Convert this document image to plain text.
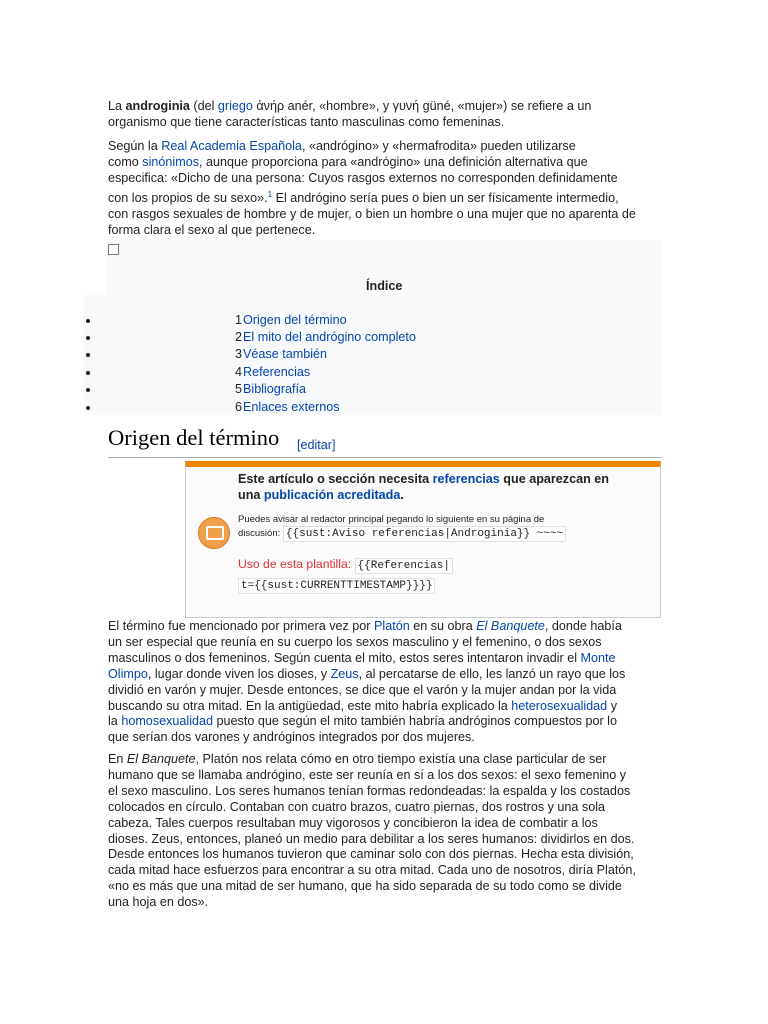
La androginia (del griego ἀνήρ anér, «hombre», y γυνή güné, «mujer») se refiere a un
organismo que tiene características tanto masculinas como femeninas.

Según la Real Academia Española, «andrógino» y «hermafrodita» pueden utilizarse
como sinónimos, aunque proporciona para «andrógino» una definición alternativa que
especifica: «Dicho de una persona: Cuyos rasgos externos no corresponden definidamente
con los propios de su sexo».$^1$ El andrógino sería pues o bien un ser físicamente intermedio,
con rasgos sexuales de hombre y de mujer, o bien un hombre o una mujer que no aparenta de
forma clara el sexo al que pertenece.

Índice
1 Origen del término
2 El mito del andrógino completo
3 Véase también
4 Referencias
5 Bibliografía
6 Enlaces externos
Origen del término [editar]
Este artículo o sección necesita referencias que aparezcan en
una publicación acreditada.
Puedes avisar al redactor principal pegando lo siguiente en su página de
discusión: {{sust:Aviso referencias|Androginia}} ~~~~
Uso de esta plantilla: {{Referencias|
t={{sust:CURRENTTIMESTAMP}}}}

El término fue mencionado por primera vez por Platón en su obra El Banquete, donde había
un ser especial que reunía en su cuerpo los sexos masculino y el femenino, o dos sexos
masculinos o dos femeninos. Según cuenta el mito, estos seres intentaron invadir el Monte
Olimpo, lugar donde viven los dioses, y Zeus, al percatarse de ello, les lanzó un rayo que los
dividió en varón y mujer. Desde entonces, se dice que el varón y la mujer andan por la vida
buscando su otra mitad. En la antigüedad, este mito habría explicado la heterosexualidad y
la homosexualidad puesto que según el mito también habría andróginos compuestos por lo
que serían dos varones y andróginos integrados por dos mujeres.

En El Banquete, Platón nos relata cómo en otro tiempo existía una clase particular de ser
humano que se llamaba andrógino, este ser reunía en sí a los dos sexos: el sexo femenino y
el sexo masculino. Los seres humanos tenían formas redondeadas: la espalda y los costados
colocados en círculo. Contaban con cuatro brazos, cuatro piernas, dos rostros y una sola
cabeza. Tales cuerpos resultaban muy vigorosos y concibieron la idea de combatir a los
dioses. Zeus, entonces, planeó un medio para debilitar a los seres humanos: dividirlos en dos.
Desde entonces los humanos tuvieron que caminar solo con dos piernas. Hecha esta división,
cada mitad hace esfuerzos para encontrar a su otra mitad. Cada uno de nosotros, diría Platón,
«no es más que una mitad de ser humano, que ha sido separada de su todo como se divide
una hoja en dos».
